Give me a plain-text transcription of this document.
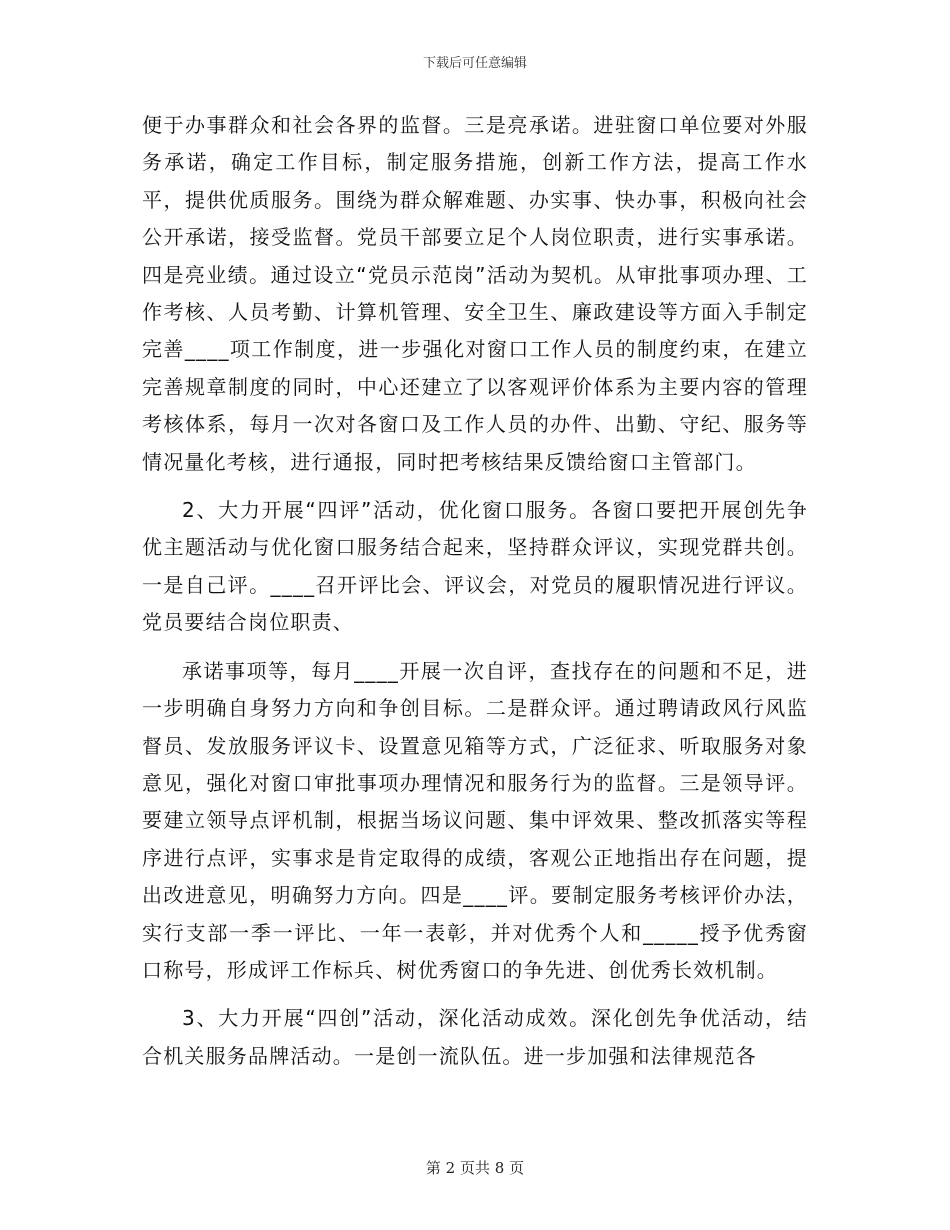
下载后可任意编辑

便于办事群众和社会各界的监督。三是亮承诺。进驻窗口单位要对外服务承诺，确定工作目标，制定服务措施，创新工作方法，提高工作水平，提供优质服务。围绕为群众解难题、办实事、快办事，积极向社会公开承诺，接受监督。党员干部要立足个人岗位职责，进行实事承诺。四是亮业绩。通过设立“党员示范岗”活动为契机。从审批事项办理、工作考核、人员考勤、计算机管理、安全卫生、廉政建设等方面入手制定完善____项工作制度，进一步强化对窗口工作人员的制度约束，在建立完善规章制度的同时，中心还建立了以客观评价体系为主要内容的管理考核体系，每月一次对各窗口及工作人员的办件、出勤、守纪、服务等情况量化考核，进行通报，同时把考核结果反馈给窗口主管部门。

2、大力开展“四评”活动，优化窗口服务。各窗口要把开展创先争优主题活动与优化窗口服务结合起来，坚持群众评议，实现党群共创。一是自己评。____召开评比会、评议会，对党员的履职情况进行评议。党员要结合岗位职责、

承诺事项等，每月____开展一次自评，查找存在的问题和不足，进一步明确自身努力方向和争创目标。二是群众评。通过聘请政风行风监督员、发放服务评议卡、设置意见箱等方式，广泛征求、听取服务对象意见，强化对窗口审批事项办理情况和服务行为的监督。三是领导评。要建立领导点评机制，根据当场议问题、集中评效果、整改抓落实等程序进行点评，实事求是肯定取得的成绩，客观公正地指出存在问题，提出改进意见，明确努力方向。四是____评。要制定服务考核评价办法，实行支部一季一评比、一年一表彰，并对优秀个人和_____授予优秀窗口称号，形成评工作标兵、树优秀窗口的争先进、创优秀长效机制。

3、大力开展“四创”活动，深化活动成效。深化创先争优活动，结合机关服务品牌活动。一是创一流队伍。进一步加强和法律规范各

第 2 页共 8 页
